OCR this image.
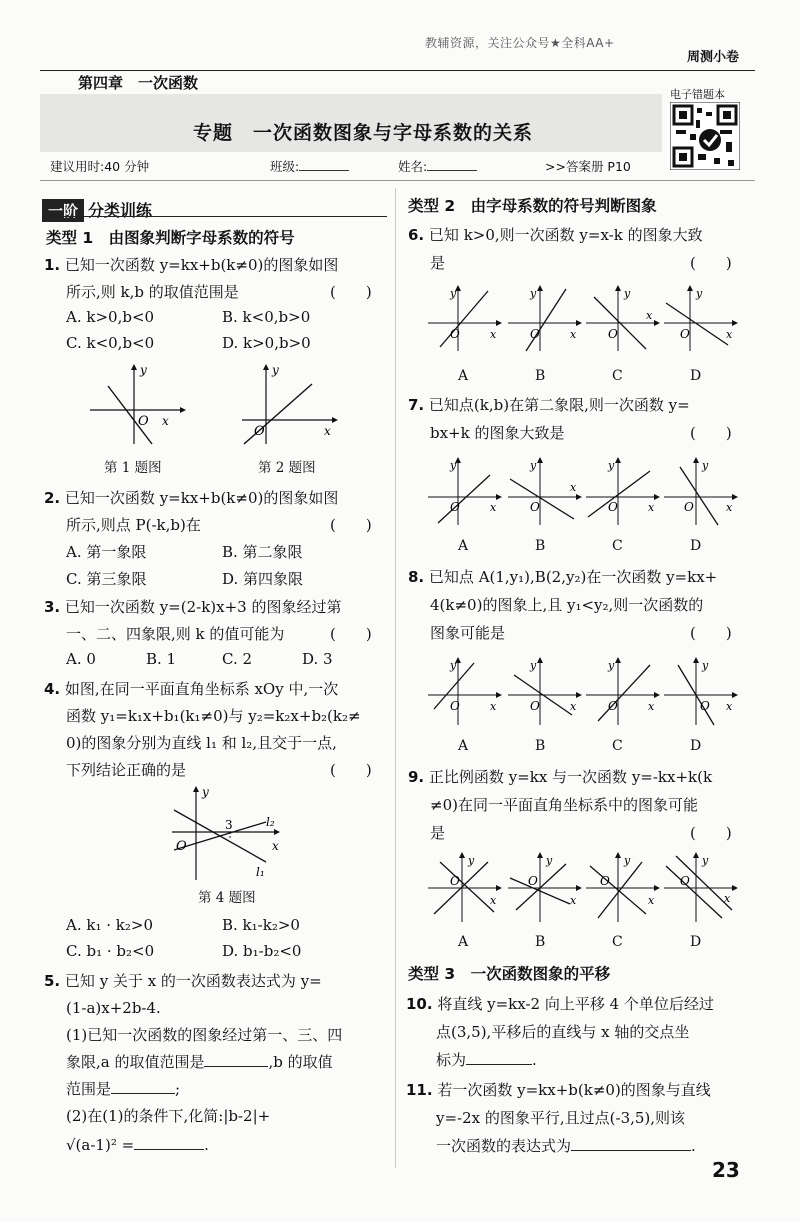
教辅资源，关注公众号★全科AA+
周测小卷
第四章　一次函数
专题　一次函数图象与字母系数的关系
电子错题本
建议用时:40 分钟	班级:	姓名:	>>答案册 P10
一阶 分类训练
类型 1　由图象判断字母系数的符号
1. 已知一次函数 y=kx+b(k≠0)的图象如图
所示,则 k,b 的取值范围是	(　　)
A. k>0,b<0	B. k<0,b>0
C. k<0,b<0	D. k>0,b>0
y
O x
y
O	x
第 1 题图	第 2 题图
2. 已知一次函数 y=kx+b(k≠0)的图象如图
所示,则点 P(-k,b)在	(　　)
A. 第一象限	B. 第二象限
C. 第三象限	D. 第四象限
3. 已知一次函数 y=(2-k)x+3 的图象经过第
一、二、四象限,则 k 的值可能为	(　　)
A. 0	B. 1	C. 2	D. 3
4. 如图,在同一平面直角坐标系 xOy 中,一次
函数 y₁=k₁x+b₁(k₁≠0)与 y₂=k₂x+b₂(k₂≠
0)的图象分别为直线 l₁ 和 l₂,且交于一点,
下列结论正确的是	(　　)
y
O	x
3	l₂
l₁
第 4 题图
A. k₁ · k₂>0	B. k₁-k₂>0
C. b₁ · b₂<0	D. b₁-b₂<0
5. 已知 y 关于 x 的一次函数表达式为 y=
(1-a)x+2b-4.
(1)已知一次函数的图象经过第一、三、四
象限,a 的取值范围是	,b 的取值
范围是	;
(2)在(1)的条件下,化简:|b-2|+
√(a-1)² =	.
类型 2　由字母系数的符号判断图象
6. 已知 k>0,则一次函数 y=x-k 的图象大致
是	(　　)
y
O	x
y
O	x
y
O
x
y
O	x
A	B	C	D
7. 已知点(k,b)在第二象限,则一次函数 y=
bx+k 的图象大致是	(　　)
y
O	x
y
O
x
y
O	x
y
O	x
A	B	C	D
8. 已知点 A(1,y₁),B(2,y₂)在一次函数 y=kx+
4(k≠0)的图象上,且 y₁<y₂,则一次函数的
图象可能是	(　　)
y
O	x
y
O	x
y
O	x
y
O x
A	B	C	D
9. 正比例函数 y=kx 与一次函数 y=-kx+k(k
≠0)在同一平面直角坐标系中的图象可能
是	(　　)
y
O
x
y
O
x
y
O
x
y
O
x
A	B	C	D
类型 3　一次函数图象的平移
10. 将直线 y=kx-2 向上平移 4 个单位后经过
点(3,5),平移后的直线与 x 轴的交点坐
标为	.
11. 若一次函数 y=kx+b(k≠0)的图象与直线
y=-2x 的图象平行,且过点(-3,5),则该
一次函数的表达式为	.
23
